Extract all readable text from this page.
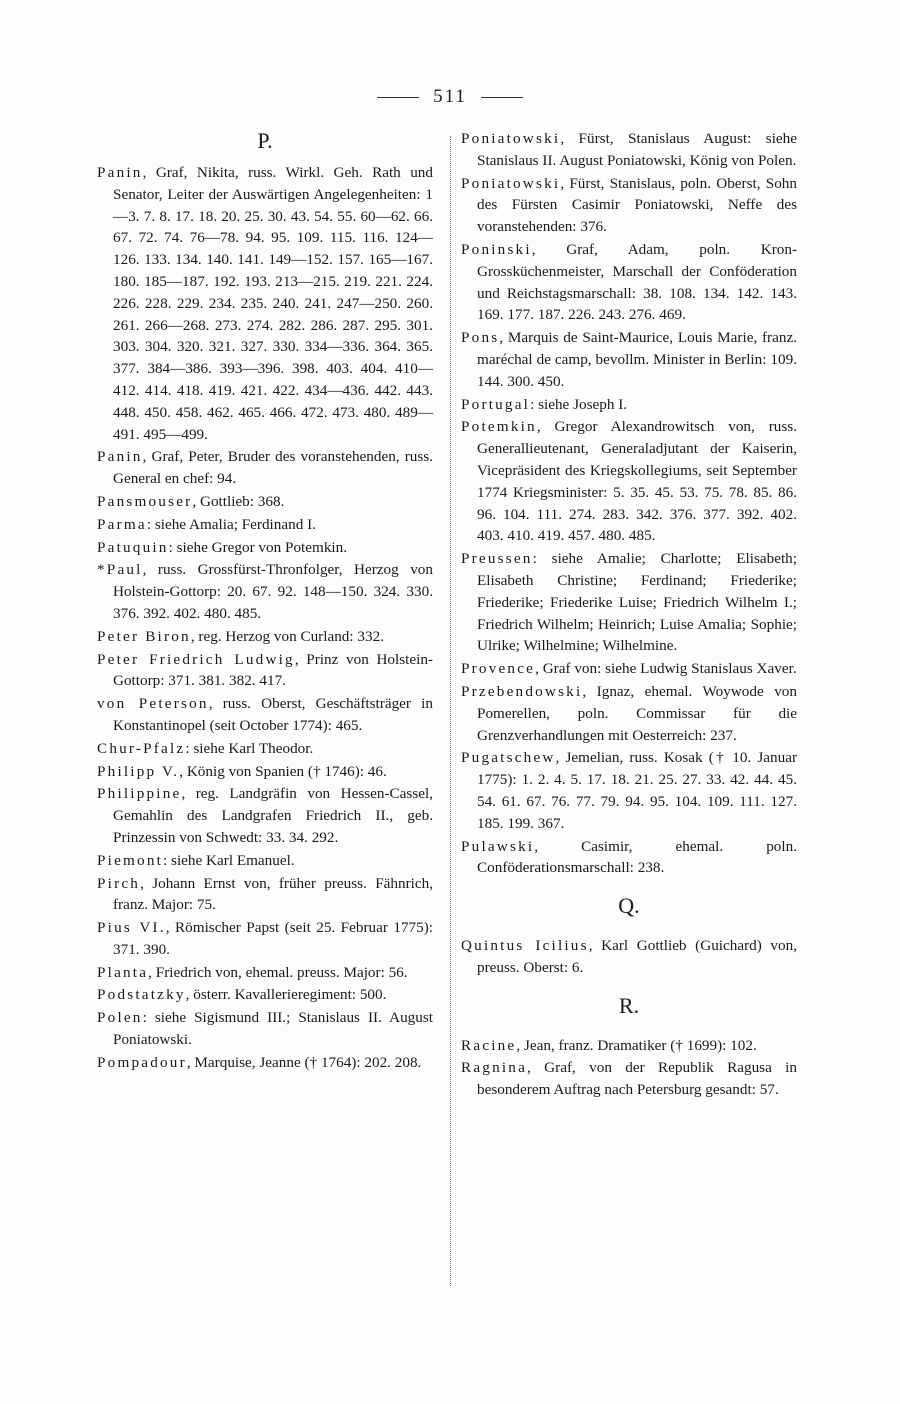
511
P.
Panin, Graf, Nikita, russ. Wirkl. Geh. Rath und Senator, Leiter der Auswärtigen Angelegenheiten: 1—3. 7. 8. 17. 18. 20. 25. 30. 43. 54. 55. 60—62. 66. 67. 72. 74. 76—78. 94. 95. 109. 115. 116. 124—126. 133. 134. 140. 141. 149—152. 157. 165—167. 180. 185—187. 192. 193. 213—215. 219. 221. 224. 226. 228. 229. 234. 235. 240. 241. 247—250. 260. 261. 266—268. 273. 274. 282. 286. 287. 295. 301. 303. 304. 320. 321. 327. 330. 334—336. 364. 365. 377. 384—386. 393—396. 398. 403. 404. 410—412. 414. 418. 419. 421. 422. 434—436. 442. 443. 448. 450. 458. 462. 465. 466. 472. 473. 480. 489—491. 495—499.
Panin, Graf, Peter, Bruder des voranstehenden, russ. General en chef: 94.
Pansmouser, Gottlieb: 368.
Parma: siehe Amalia; Ferdinand I.
Patuquin: siehe Gregor von Potemkin.
*Paul, russ. Grossfürst-Thronfolger, Herzog von Holstein-Gottorp: 20. 67. 92. 148—150. 324. 330. 376. 392. 402. 480. 485.
Peter Biron, reg. Herzog von Curland: 332.
Peter Friedrich Ludwig, Prinz von Holstein-Gottorp: 371. 381. 382. 417.
von Peterson, russ. Oberst, Geschäftsträger in Konstantinopel (seit October 1774): 465.
Chur-Pfalz: siehe Karl Theodor.
Philipp V., König von Spanien († 1746): 46.
Philippine, reg. Landgräfin von Hessen-Cassel, Gemahlin des Landgrafen Friedrich II., geb. Prinzessin von Schwedt: 33. 34. 292.
Piemont: siehe Karl Emanuel.
Pirch, Johann Ernst von, früher preuss. Fähnrich, franz. Major: 75.
Pius VI., Römischer Papst (seit 25. Februar 1775): 371. 390.
Planta, Friedrich von, ehemal. preuss. Major: 56.
Podstatzky, österr. Kavallerieregiment: 500.
Polen: siehe Sigismund III.; Stanislaus II. August Poniatowski.
Pompadour, Marquise, Jeanne († 1764): 202. 208.
Poniatowski, Fürst, Stanislaus August: siehe Stanislaus II. August Poniatowski, König von Polen.
Poniatowski, Fürst, Stanislaus, poln. Oberst, Sohn des Fürsten Casimir Poniatowski, Neffe des voranstehenden: 376.
Poninski, Graf, Adam, poln. Kron-Grossküchenmeister, Marschall der Conföderation und Reichstagsmarschall: 38. 108. 134. 142. 143. 169. 177. 187. 226. 243. 276. 469.
Pons, Marquis de Saint-Maurice, Louis Marie, franz. maréchal de camp, bevollm. Minister in Berlin: 109. 144. 300. 450.
Portugal: siehe Joseph I.
Potemkin, Gregor Alexandrowitsch von, russ. Generallieutenant, Generaladjutant der Kaiserin, Vicepräsident des Kriegskollegiums, seit September 1774 Kriegsminister: 5. 35. 45. 53. 75. 78. 85. 86. 96. 104. 111. 274. 283. 342. 376. 377. 392. 402. 403. 410. 419. 457. 480. 485.
Preussen: siehe Amalie; Charlotte; Elisabeth; Elisabeth Christine; Ferdinand; Friederike; Friederike; Friederike Luise; Friedrich Wilhelm I.; Friedrich Wilhelm; Heinrich; Luise Amalia; Sophie; Ulrike; Wilhelmine; Wilhelmine.
Provence, Graf von: siehe Ludwig Stanislaus Xaver.
Przebendowski, Ignaz, ehemal. Woywode von Pomerellen, poln. Commissar für die Grenzverhandlungen mit Oesterreich: 237.
Pugatschew, Jemelian, russ. Kosak († 10. Januar 1775): 1. 2. 4. 5. 17. 18. 21. 25. 27. 33. 42. 44. 45. 54. 61. 67. 76. 77. 79. 94. 95. 104. 109. 111. 127. 185. 199. 367.
Pulawski, Casimir, ehemal. poln. Conföderationsmarschall: 238.
Q.
Quintus Icilius, Karl Gottlieb (Guichard) von, preuss. Oberst: 6.
R.
Racine, Jean, franz. Dramatiker († 1699): 102.
Ragnina, Graf, von der Republik Ragusa in besonderem Auftrag nach Petersburg gesandt: 57.
